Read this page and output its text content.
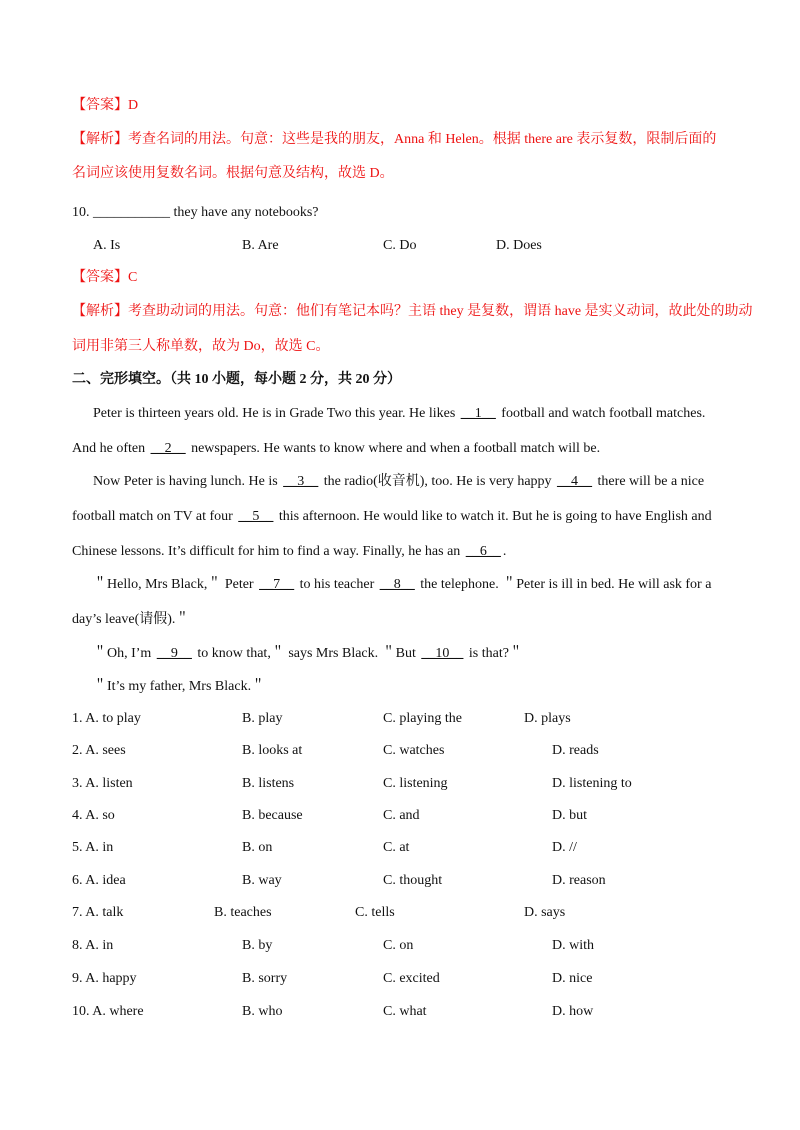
【答案】D
【解析】考查名词的用法。句意：这些是我的朋友，Anna 和 Helen。根据 there are 表示复数，限制后面的
名词应该使用复数名词。根据句意及结构，故选 D。
10. ___________ they have any notebooks?
A. Is	B. Are	C. Do	D. Does
【答案】C
【解析】考查助动词的用法。句意：他们有笔记本吗？主语 they 是复数，谓语 have 是实义动词，故此处的助动
词用非第三人称单数，故为 Do，故选 C。
二、完形填空。（共 10 小题，每小题 2 分，共 20 分）
Peter is thirteen years old. He is in Grade Two this year. He likes __1__ football and watch football matches.
And he often __2__ newspapers. He wants to know where and when a football match will be.
Now Peter is having lunch. He is __3__ the radio(收音机), too. He is very happy __4__ there will be a nice
football match on TV at four __5__ this afternoon. He would like to watch it. But he is going to have English and
Chinese lessons. It’s difficult for him to find a way. Finally, he has an __6__ .
＂Hello, Mrs Black,＂ Peter __7__ to his teacher __8__ the telephone. ＂Peter is ill in bed. He will ask for a
day’s leave(请假).＂
＂Oh, I’m __9__ to know that,＂ says Mrs Black. ＂But __10__ is that?＂
＂It’s my father, Mrs Black.＂
1. A. to play	B. play	C. playing the	D. plays
2. A. sees	B. looks at	C. watches	D. reads
3. A. listen	B. listens	C. listening	D. listening to
4. A. so	B. because	C. and	D. but
5. A. in	B. on	C. at	D. //
6. A. idea	B. way	C. thought	D. reason
7. A. talk	B. teaches	C. tells	D. says
8. A. in	B. by	C. on	D. with
9. A. happy	B. sorry	C. excited	D. nice
10. A. where	B. who	C. what	D. how
